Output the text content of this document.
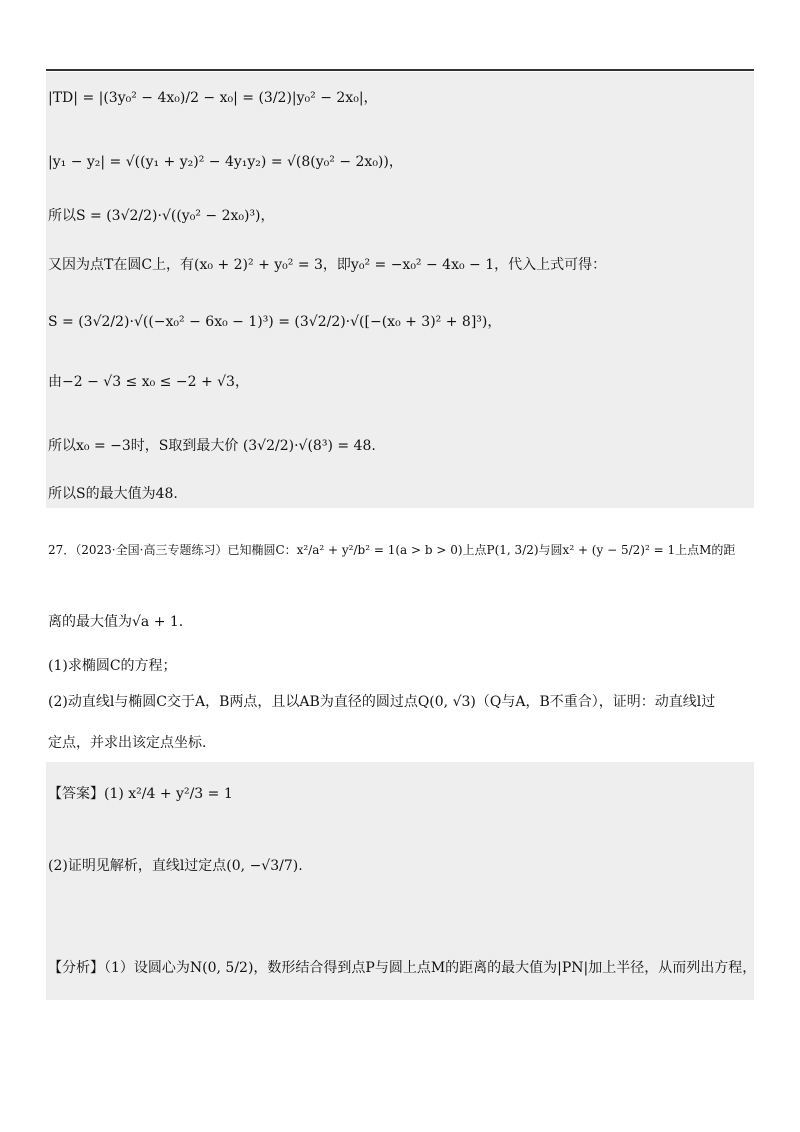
|TD| = |(3y₀² − 4x₀)/2 − x₀| = (3/2)|y₀² − 2x₀|，
|y₁ − y₂| = √((y₁ + y₂)² − 4y₁y₂) = √(8(y₀² − 2x₀))，
所以S = (3√2/2)·√((y₀² − 2x₀)³)，
又因为点T在圆C上，有(x₀ + 2)² + y₀² = 3，即y₀² = −x₀² − 4x₀ − 1，代入上式可得：
S = (3√2/2)·√((−x₀² − 6x₀ − 1)³) = (3√2/2)·√([−(x₀ + 3)² + 8]³)，
由−2 − √3 ≤ x₀ ≤ −2 + √3，
所以x₀ = −3时，S取到最大价 (3√2/2)·√(8³) = 48.
所以S的最大值为48.
27．（2023·全国·高三专题练习）已知椭圆C：x²/a² + y²/b² = 1(a > b > 0)上点P(1, 3/2)与圆x² + (y − 5/2)² = 1上点M的距
离的最大值为√a + 1.
(1)求椭圆C的方程；
(2)动直线l与椭圆C交于A，B两点，且以AB为直径的圆过点Q(0, √3)（Q与A，B不重合），证明：动直线l过
定点，并求出该定点坐标.
【答案】(1) x²/4 + y²/3 = 1
(2)证明见解析，直线l过定点(0, −√3/7).
【分析】（1）设圆心为N(0, 5/2)，数形结合得到点P与圆上点M的距离的最大值为|PN|加上半径，从而列出方程，
